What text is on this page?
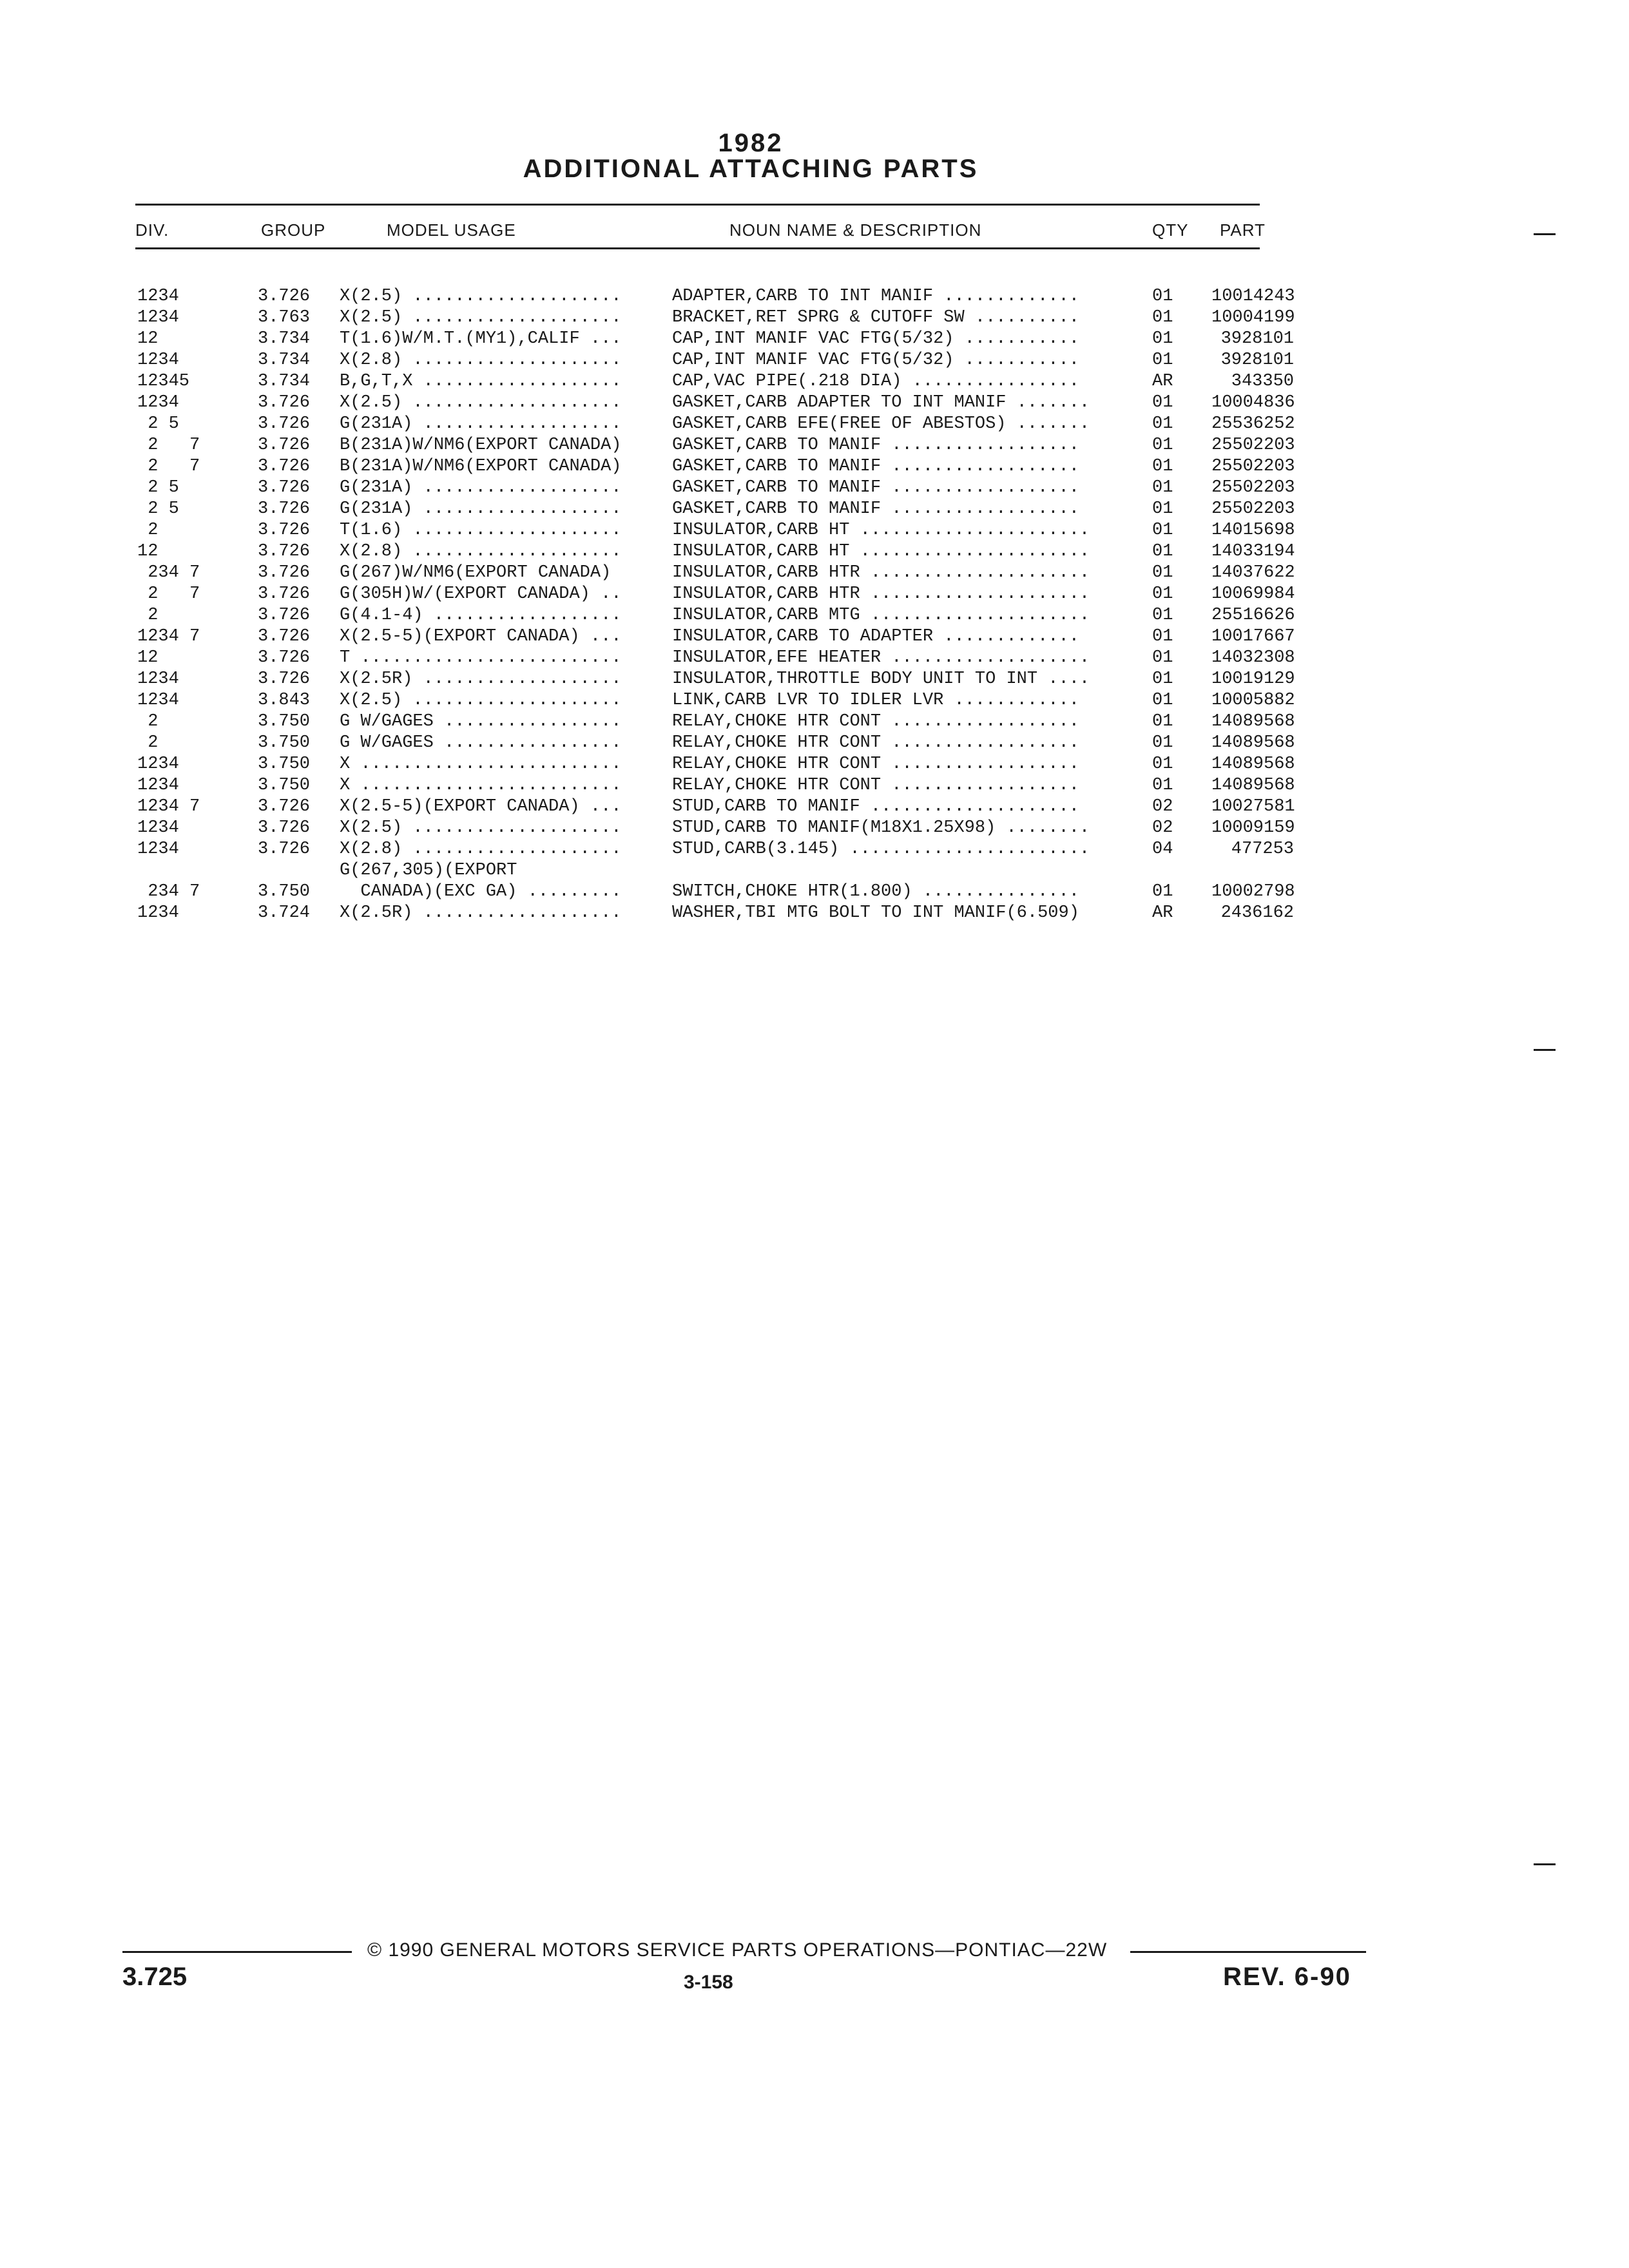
1982
ADDITIONAL ATTACHING PARTS
DIV.	GROUP	MODEL USAGE	NOUN NAME & DESCRIPTION	QTY PART
1234	3.726 X(2.5) ....................	ADAPTER,CARB TO INT MANIF .............	01 10014243
1234	3.763 X(2.5) ....................	BRACKET,RET SPRG & CUTOFF SW ..........	01 10004199
12	3.734 T(1.6)W/M.T.(MY1),CALIF ...	CAP,INT MANIF VAC FTG(5/32) ...........	01	3928101
1234	3.734 X(2.8) ....................	CAP,INT MANIF VAC FTG(5/32) ...........	01	3928101
12345	3.734 B,G,T,X ...................	CAP,VAC PIPE(.218 DIA) ................	AR	343350
1234	3.726 X(2.5) ....................	GASKET,CARB ADAPTER TO INT MANIF .......	01 10004836
2 5	3.726 G(231A) ...................	GASKET,CARB EFE(FREE OF ABESTOS) .......	01 25536252
2   7	3.726 B(231A)W/NM6(EXPORT CANADA)	GASKET,CARB TO MANIF ..................	01 25502203
2   7	3.726 B(231A)W/NM6(EXPORT CANADA)	GASKET,CARB TO MANIF ..................	01 25502203
2 5	3.726 G(231A) ...................	GASKET,CARB TO MANIF ..................	01 25502203
2 5	3.726 G(231A) ...................	GASKET,CARB TO MANIF ..................	01 25502203
2	3.726 T(1.6) ....................	INSULATOR,CARB HT ......................	01 14015698
12	3.726 X(2.8) ....................	INSULATOR,CARB HT ......................	01 14033194
234 7	3.726 G(267)W/NM6(EXPORT CANADA)	INSULATOR,CARB HTR .....................	01 14037622
2   7	3.726 G(305H)W/(EXPORT CANADA) ..	INSULATOR,CARB HTR .....................	01 10069984
2	3.726 G(4.1-4) ..................	INSULATOR,CARB MTG .....................	01 25516626
1234 7	3.726 X(2.5-5)(EXPORT CANADA) ...	INSULATOR,CARB TO ADAPTER .............	01 10017667
12	3.726 T .........................	INSULATOR,EFE HEATER ...................	01 14032308
1234	3.726 X(2.5R) ...................	INSULATOR,THROTTLE BODY UNIT TO INT ....	01 10019129
1234	3.843 X(2.5) ....................	LINK,CARB LVR TO IDLER LVR ............	01 10005882
2	3.750 G W/GAGES .................	RELAY,CHOKE HTR CONT ..................	01 14089568
2	3.750 G W/GAGES .................	RELAY,CHOKE HTR CONT ..................	01 14089568
1234	3.750 X .........................	RELAY,CHOKE HTR CONT ..................	01 14089568
1234	3.750 X .........................	RELAY,CHOKE HTR CONT ..................	01 14089568
1234 7	3.726 X(2.5-5)(EXPORT CANADA) ...	STUD,CARB TO MANIF ....................	02 10027581
1234	3.726 X(2.5) ....................	STUD,CARB TO MANIF(M18X1.25X98) ........	02 10009159
1234	3.726 X(2.8) ....................	STUD,CARB(3.145) .......................	04	477253
G(267,305)(EXPORT
234 7	3.750 CANADA)(EXC GA) .........	SWITCH,CHOKE HTR(1.800) ...............	01 10002798
1234	3.724 X(2.5R) ...................	WASHER,TBI MTG BOLT TO INT MANIF(6.509)	AR	2436162
© 1990 GENERAL MOTORS SERVICE PARTS OPERATIONS—PONTIAC—22W
3.725	3-158	REV. 6-90
